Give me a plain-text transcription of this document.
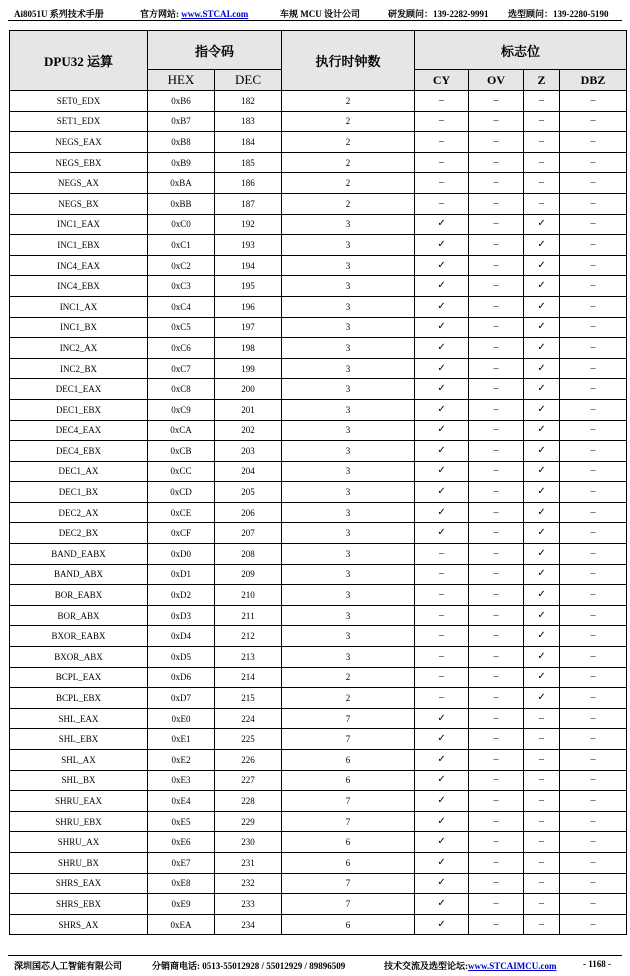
Ai8051U 系列技术手册	官方网站: www.STCAI.com	车规 MCU 设计公司	研发顾问：139-2282-9991 选型顾问：139-2280-5190
DPU32 运算	指令码		执行时钟数	标志位			
	HEX	DEC		CY	OV	Z	DBZ
SET0_EDX	0xB6	182	2	–	–	–	–
SET1_EDX	0xB7	183	2	–	–	–	–
NEGS_EAX	0xB8	184	2	–	–	–	–
NEGS_EBX	0xB9	185	2	–	–	–	–
NEGS_AX	0xBA	186	2	–	–	–	–
NEGS_BX	0xBB	187	2	–	–	–	–
INC1_EAX	0xC0	192	3	✓	–	✓	–
INC1_EBX	0xC1	193	3	✓	–	✓	–
INC4_EAX	0xC2	194	3	✓	–	✓	–
INC4_EBX	0xC3	195	3	✓	–	✓	–
INC1_AX	0xC4	196	3	✓	–	✓	–
INC1_BX	0xC5	197	3	✓	–	✓	–
INC2_AX	0xC6	198	3	✓	–	✓	–
INC2_BX	0xC7	199	3	✓	–	✓	–
DEC1_EAX	0xC8	200	3	✓	–	✓	–
DEC1_EBX	0xC9	201	3	✓	–	✓	–
DEC4_EAX	0xCA	202	3	✓	–	✓	–
DEC4_EBX	0xCB	203	3	✓	–	✓	–
DEC1_AX	0xCC	204	3	✓	–	✓	–
DEC1_BX	0xCD	205	3	✓	–	✓	–
DEC2_AX	0xCE	206	3	✓	–	✓	–
DEC2_BX	0xCF	207	3	✓	–	✓	–
BAND_EABX	0xD0	208	3	–	–	✓	–
BAND_ABX	0xD1	209	3	–	–	✓	–
BOR_EABX	0xD2	210	3	–	–	✓	–
BOR_ABX	0xD3	211	3	–	–	✓	–
BXOR_EABX	0xD4	212	3	–	–	✓	–
BXOR_ABX	0xD5	213	3	–	–	✓	–
BCPL_EAX	0xD6	214	2	–	–	✓	–
BCPL_EBX	0xD7	215	2	–	–	✓	–
SHL_EAX	0xE0	224	7	✓	–	–	–
SHL_EBX	0xE1	225	7	✓	–	–	–
SHL_AX	0xE2	226	6	✓	–	–	–
SHL_BX	0xE3	227	6	✓	–	–	–
SHRU_EAX	0xE4	228	7	✓	–	–	–
SHRU_EBX	0xE5	229	7	✓	–	–	–
SHRU_AX	0xE6	230	6	✓	–	–	–
SHRU_BX	0xE7	231	6	✓	–	–	–
SHRS_EAX	0xE8	232	7	✓	–	–	–
SHRS_EBX	0xE9	233	7	✓	–	–	–
SHRS_AX	0xEA	234	6	✓	–	–	–
深圳国芯人工智能有限公司	分销商电话: 0513-55012928 / 55012929 / 89896509	技术交流及选型论坛:www.STCAIMCU.com	- 1168 -
